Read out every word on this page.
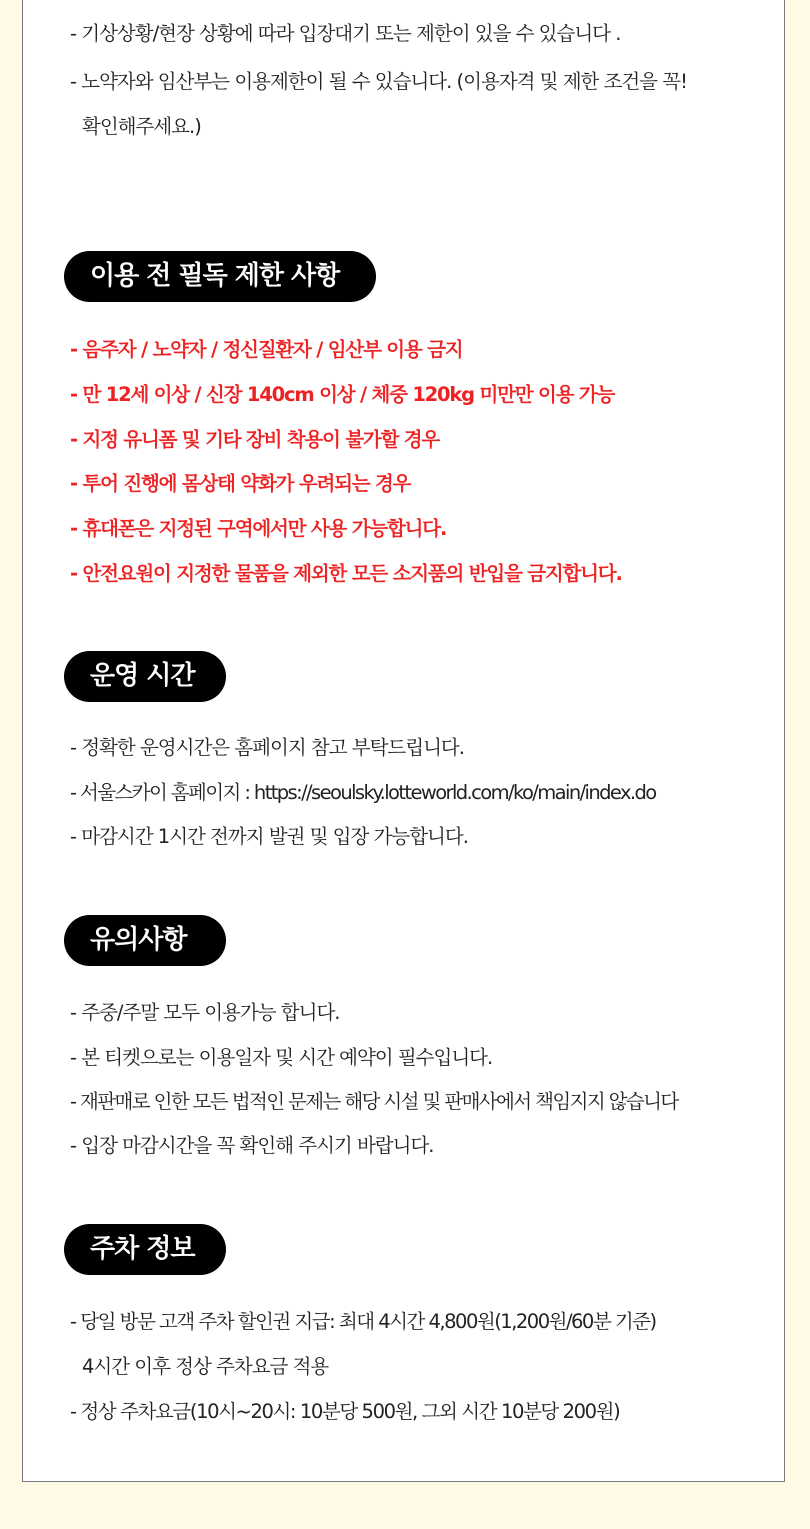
- 기상상황/현장 상황에 따라 입장대기 또는 제한이 있을 수 있습니다 .
- 노약자와 임산부는 이용제한이 될 수 있습니다. (이용자격 및 제한 조건을 꼭!
확인해주세요.)
이용 전 필독 제한 사항
- 음주자 / 노약자 / 정신질환자 / 임산부 이용 금지
- 만 12세 이상 / 신장 140cm 이상 / 체중 120kg 미만만 이용 가능
- 지정 유니폼 및 기타 장비 착용이 불가할 경우
- 투어 진행에 몸상태 약화가 우려되는 경우
- 휴대폰은 지정된 구역에서만 사용 가능합니다.
- 안전요원이 지정한 물품을 제외한 모든 소지품의 반입을 금지합니다.
운영 시간
- 정확한 운영시간은 홈페이지 참고 부탁드립니다.
- 서울스카이 홈페이지 : https://seoulsky.lotteworld.com/ko/main/index.do
- 마감시간 1시간 전까지 발권 및 입장 가능합니다.
유의사항
- 주중/주말 모두 이용가능 합니다.
- 본 티켓으로는 이용일자 및 시간 예약이 필수입니다.
- 재판매로 인한 모든 법적인 문제는 해당 시설 및 판매사에서 책임지지 않습니다
- 입장 마감시간을 꼭 확인해 주시기 바랍니다.
주차 정보
- 당일 방문 고객 주차 할인권 지급: 최대 4시간 4,800원(1,200원/60분 기준)
4시간 이후 정상 주차요금 적용
- 정상 주차요금(10시~20시: 10분당 500원, 그외 시간 10분당 200원)
